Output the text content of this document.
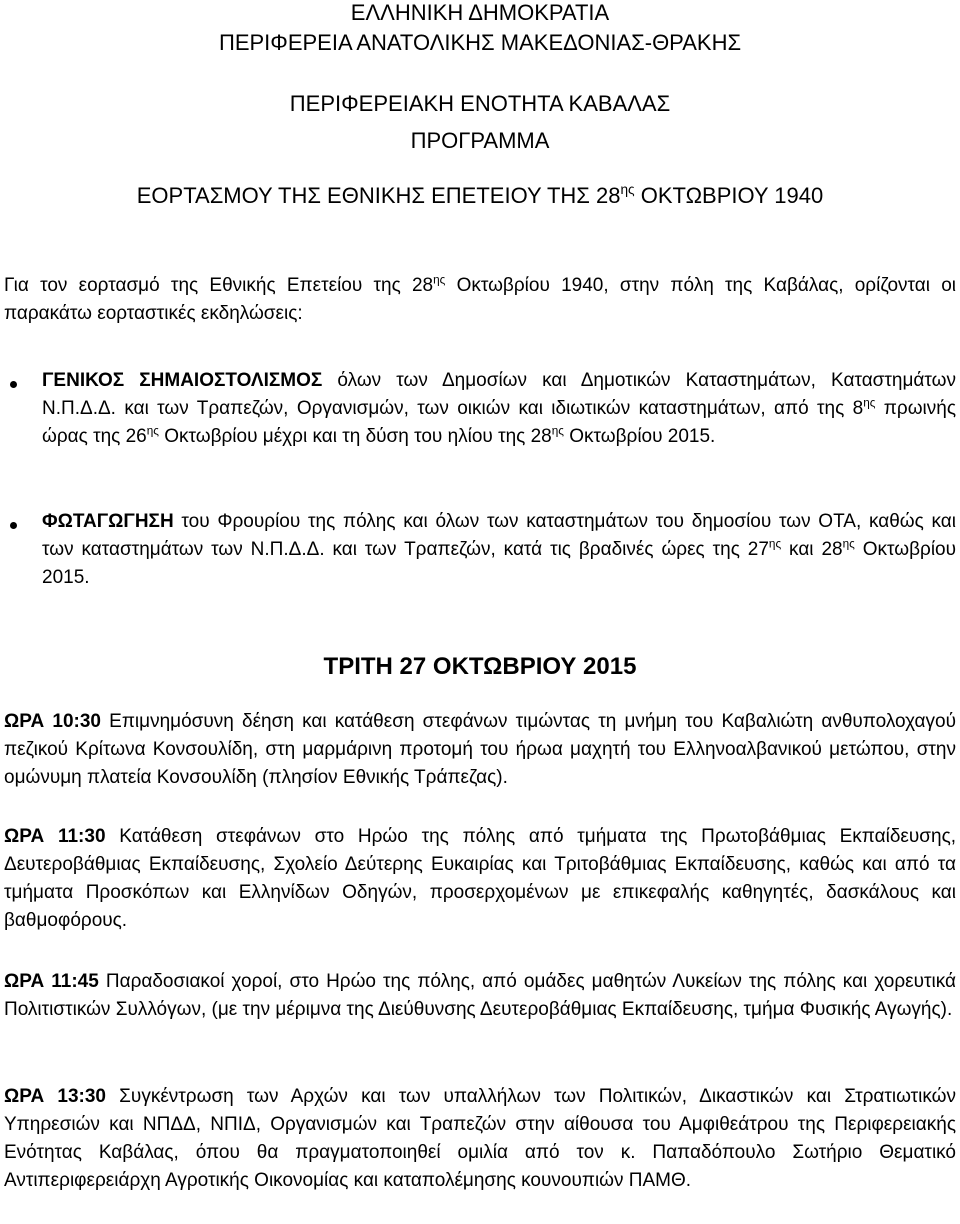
ΕΛΛΗΝΙΚΗ ΔΗΜΟΚΡΑΤΙΑ
ΠΕΡΙΦΕΡΕΙΑ ΑΝΑΤΟΛΙΚΗΣ ΜΑΚΕΔΟΝΙΑΣ-ΘΡΑΚΗΣ
ΠΕΡΙΦΕΡΕΙΑΚΗ ΕΝΟΤΗΤΑ ΚΑΒΑΛΑΣ
ΠΡΟΓΡΑΜΜΑ
ΕΟΡΤΑΣΜΟΥ ΤΗΣ ΕΘΝΙΚΗΣ ΕΠΕΤΕΙΟΥ ΤΗΣ $28^{\eta\varsigma}$ ΟΚΤΩΒΡΙΟΥ 1940
Για τον εορτασμό της Εθνικής Επετείου της $28^{\eta\varsigma}$ Οκτωβρίου 1940, στην πόλη της Καβάλας, ορίζονται οι παρακάτω εορταστικές εκδηλώσεις:
ΓΕΝΙΚΟΣ ΣΗΜΑΙΟΣΤΟΛΙΣΜΟΣ όλων των Δημοσίων και Δημοτικών Καταστημάτων, Καταστημάτων Ν.Π.Δ.Δ. και των Τραπεζών, Οργανισμών, των οικιών και ιδιωτικών καταστημάτων, από της $8^{\eta\varsigma}$ πρωινής ώρας της $26^{\eta\varsigma}$ Οκτωβρίου μέχρι και τη δύση του ηλίου της $28^{\eta\varsigma}$ Οκτωβρίου 2015.
ΦΩΤΑΓΩΓΗΣΗ του Φρουρίου της πόλης και όλων των καταστημάτων του δημοσίου των ΟΤΑ, καθώς και των καταστημάτων των Ν.Π.Δ.Δ. και των Τραπεζών, κατά τις βραδινές ώρες της $27^{\eta\varsigma}$ και $28^{\eta\varsigma}$ Οκτωβρίου 2015.
ΤΡΙΤΗ 27 ΟΚΤΩΒΡΙΟΥ 2015
ΩΡΑ 10:30 Επιμνημόσυνη δέηση και κατάθεση στεφάνων τιμώντας τη μνήμη του Καβαλιώτη ανθυπολοχαγού πεζικού Κρίτωνα Κονσουλίδη, στη μαρμάρινη προτομή του ήρωα μαχητή του Ελληνοαλβανικού μετώπου, στην ομώνυμη πλατεία Κονσουλίδη (πλησίον Εθνικής Τράπεζας).
ΩΡΑ 11:30 Κατάθεση στεφάνων στο Ηρώο της πόλης από τμήματα της Πρωτοβάθμιας Εκπαίδευσης, Δευτεροβάθμιας Εκπαίδευσης, Σχολείο Δεύτερης Ευκαιρίας και Τριτοβάθμιας Εκπαίδευσης, καθώς και από τα τμήματα Προσκόπων και Ελληνίδων Οδηγών, προσερχομένων με επικεφαλής καθηγητές, δασκάλους και βαθμοφόρους.
ΩΡΑ 11:45 Παραδοσιακοί χοροί, στο Ηρώο της πόλης, από ομάδες μαθητών Λυκείων της πόλης και χορευτικά Πολιτιστικών Συλλόγων, (με την μέριμνα της Διεύθυνσης Δευτεροβάθμιας Εκπαίδευσης, τμήμα Φυσικής Αγωγής).
ΩΡΑ 13:30 Συγκέντρωση των Αρχών και των υπαλλήλων των Πολιτικών, Δικαστικών και Στρατιωτικών Υπηρεσιών και ΝΠΔΔ, ΝΠΙΔ, Οργανισμών και Τραπεζών στην αίθουσα του Αμφιθεάτρου της Περιφερειακής Ενότητας Καβάλας, όπου θα πραγματοποιηθεί ομιλία από τον κ. Παπαδόπουλο Σωτήριο Θεματικό Αντιπεριφερειάρχη Αγροτικής Οικονομίας και καταπολέμησης κουνουπιών ΠΑΜΘ.
